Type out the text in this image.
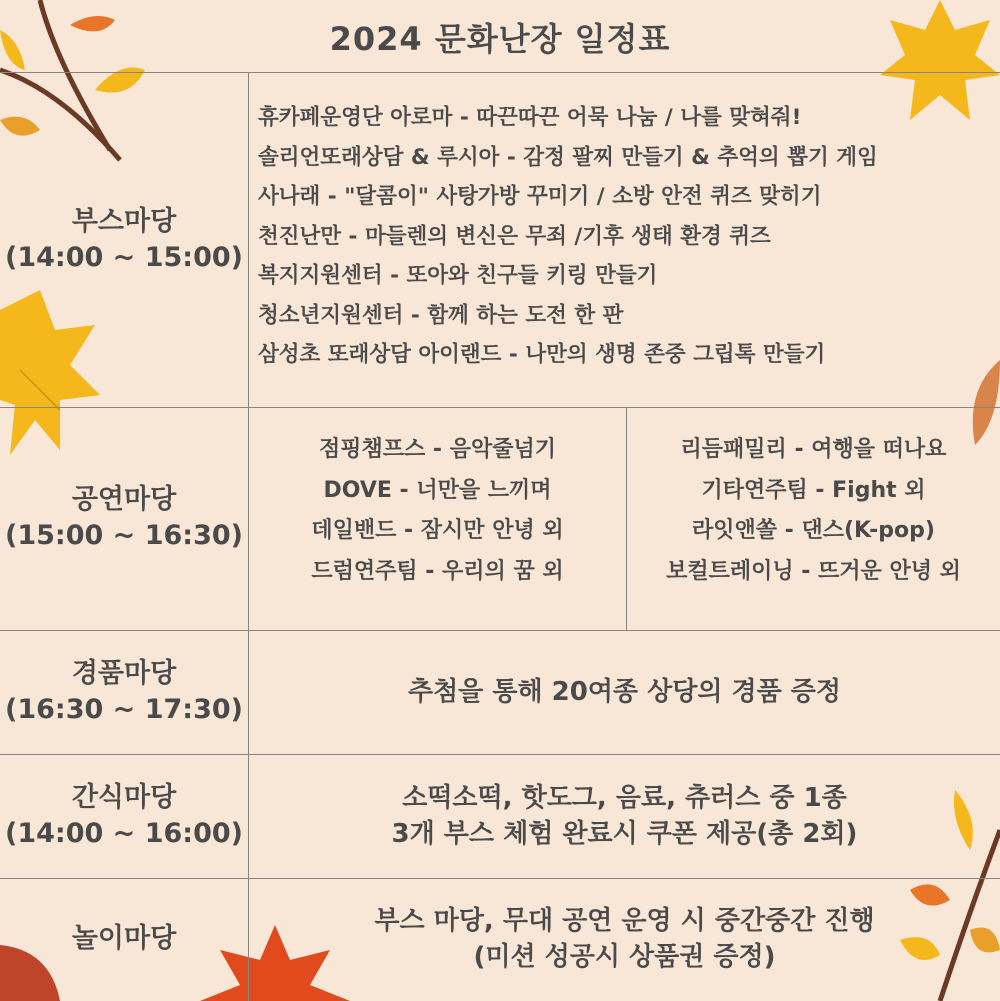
2024 문화난장 일정표
부스마당
(14:00 ~ 15:00)
휴카페운영단 아로마 - 따끈따끈 어묵 나눔 / 나를 맞혀줘!
솔리언또래상담 & 루시아 - 감정 팔찌 만들기 & 추억의 뽑기 게임
사나래 - "달콤이" 사탕가방 꾸미기 / 소방 안전 퀴즈 맞히기
천진난만 - 마들렌의 변신은 무죄 /기후 생태 환경 퀴즈
복지지원센터 - 또아와 친구들 키링 만들기
청소년지원센터 - 함께 하는 도전 한 판
삼성초 또래상담 아이랜드 - 나만의 생명 존중 그립톡 만들기
공연마당
(15:00 ~ 16:30)
점핑챔프스 - 음악줄넘기
DOVE - 너만을 느끼며
데일밴드 - 잠시만 안녕 외
드럼연주팀 - 우리의 꿈 외
리듬패밀리 - 여행을 떠나요
기타연주팀 - Fight 외
라잇앤쏠 - 댄스(K-pop)
보컬트레이닝 - 뜨거운 안녕 외
경품마당
(16:30 ~ 17:30)
추첨을 통해 20여종 상당의 경품 증정
간식마당
(14:00 ~ 16:00)
소떡소떡, 핫도그, 음료, 츄러스 중 1종
3개 부스 체험 완료시 쿠폰 제공(총 2회)
놀이마당
부스 마당, 무대 공연 운영 시 중간중간 진행
(미션 성공시 상품권 증정)
